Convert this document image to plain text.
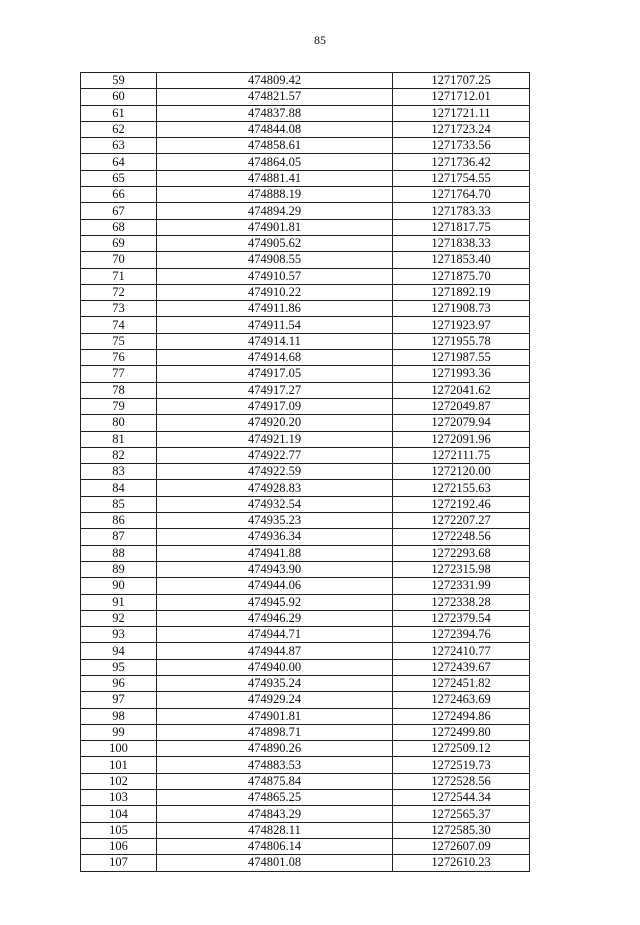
85
59	474809.42	1271707.25
60	474821.57	1271712.01
61	474837.88	1271721.11
62	474844.08	1271723.24
63	474858.61	1271733.56
64	474864.05	1271736.42
65	474881.41	1271754.55
66	474888.19	1271764.70
67	474894.29	1271783.33
68	474901.81	1271817.75
69	474905.62	1271838.33
70	474908.55	1271853.40
71	474910.57	1271875.70
72	474910.22	1271892.19
73	474911.86	1271908.73
74	474911.54	1271923.97
75	474914.11	1271955.78
76	474914.68	1271987.55
77	474917.05	1271993.36
78	474917.27	1272041.62
79	474917.09	1272049.87
80	474920.20	1272079.94
81	474921.19	1272091.96
82	474922.77	1272111.75
83	474922.59	1272120.00
84	474928.83	1272155.63
85	474932.54	1272192.46
86	474935.23	1272207.27
87	474936.34	1272248.56
88	474941.88	1272293.68
89	474943.90	1272315.98
90	474944.06	1272331.99
91	474945.92	1272338.28
92	474946.29	1272379.54
93	474944.71	1272394.76
94	474944.87	1272410.77
95	474940.00	1272439.67
96	474935.24	1272451.82
97	474929.24	1272463.69
98	474901.81	1272494.86
99	474898.71	1272499.80
100	474890.26	1272509.12
101	474883.53	1272519.73
102	474875.84	1272528.56
103	474865.25	1272544.34
104	474843.29	1272565.37
105	474828.11	1272585.30
106	474806.14	1272607.09
107	474801.08	1272610.23
